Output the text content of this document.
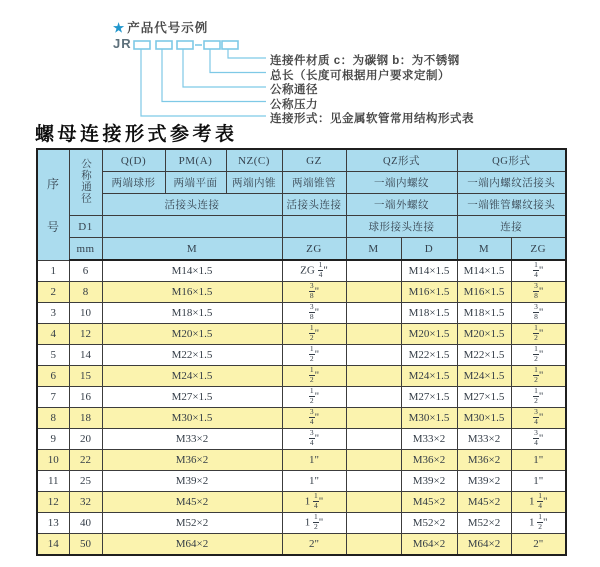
★ 产品代号示例
JR
连接件材质 c：为碳钢 b：为不锈钢
总长（长度可根据用户要求定制）
公称通径
公称压力
连接形式：见金属软管常用结构形式表
螺母连接形式参考表
序
号	公称通径	Q(D)	PM(A)	NZ(C)	GZ	QZ形式		QG形式	
		两端球形	两端平面	两端内锥	两端锥管	一端内螺纹		一端内螺纹活接头	
		活接头连接			活接头连接	一端外螺纹		一端锥管螺纹接头	
	D1					球形接头连接		连接	
	mm	M			ZG	M	D	M	ZG
1	6	M14×1.5			ZG $\frac{1}{4}$ "		M14×1.5	M14×1.5	$\frac{1}{4}$ "
2	8	M16×1.5			$\frac{3}{8}$ "		M16×1.5	M16×1.5	$\frac{3}{8}$ "
3	10	M18×1.5			$\frac{3}{8}$ "		M18×1.5	M18×1.5	$\frac{3}{8}$ "
4	12	M20×1.5			$\frac{1}{2}$ "		M20×1.5	M20×1.5	$\frac{1}{2}$ "
5	14	M22×1.5			$\frac{1}{2}$ "		M22×1.5	M22×1.5	$\frac{1}{2}$ "
6	15	M24×1.5			$\frac{1}{2}$ "		M24×1.5	M24×1.5	$\frac{1}{2}$ "
7	16	M27×1.5			$\frac{1}{2}$ "		M27×1.5	M27×1.5	$\frac{1}{2}$ "
8	18	M30×1.5			$\frac{3}{4}$ "		M30×1.5	M30×1.5	$\frac{3}{4}$ "
9	20	M33×2			$\frac{3}{4}$ "		M33×2	M33×2	$\frac{3}{4}$ "
10	22	M36×2			1"		M36×2	M36×2	1"
11	25	M39×2			1"		M39×2	M39×2	1"
12	32	M45×2			$1 \frac{1}{4}$ "		M45×2	M45×2	$1 \frac{1}{4}$ "
13	40	M52×2			$1 \frac{1}{2}$ "		M52×2	M52×2	$1 \frac{1}{2}$ "
14	50	M64×2			2"		M64×2	M64×2	2"
